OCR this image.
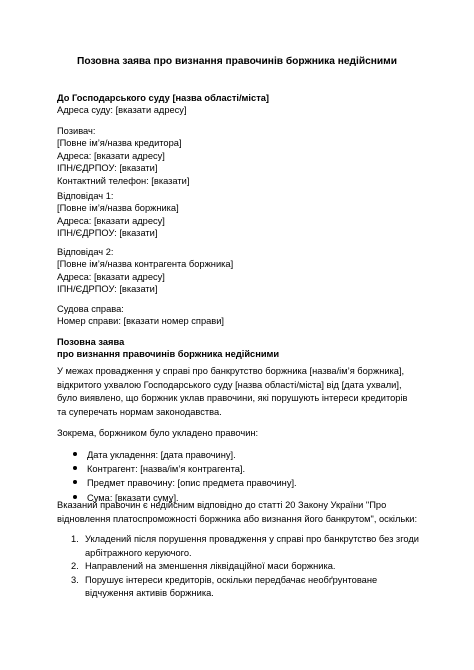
Позовна заява про визнання правочинів боржника недійсними
До Господарського суду [назва області/міста]
Адреса суду: [вказати адресу]
Позивач:
[Повне ім’я/назва кредитора]
Адреса: [вказати адресу]
ІПН/ЄДРПОУ: [вказати]
Контактний телефон: [вказати]
Відповідач 1:
[Повне ім’я/назва боржника]
Адреса: [вказати адресу]
ІПН/ЄДРПОУ: [вказати]
Відповідач 2:
[Повне ім’я/назва контрагента боржника]
Адреса: [вказати адресу]
ІПН/ЄДРПОУ: [вказати]
Судова справа:
Номер справи: [вказати номер справи]
Позовна заява
про визнання правочинів боржника недійсними
У межах провадження у справі про банкрутство боржника [назва/ім’я боржника], відкритого ухвалою Господарського суду [назва області/міста] від [дата ухвали], було виявлено, що боржник уклав правочини, які порушують інтереси кредиторів та суперечать нормам законодавства.
Зокрема, боржником було укладено правочин:
Дата укладення: [дата правочину].
Контрагент: [назва/ім’я контрагента].
Предмет правочину: [опис предмета правочину].
Сума: [вказати суму].
Вказаний правочин є недійсним відповідно до статті 20 Закону України "Про відновлення платоспроможності боржника або визнання його банкрутом", оскільки:
1. Укладений після порушення провадження у справі про банкрутство без згоди арбітражного керуючого.
2. Направлений на зменшення ліквідаційної маси боржника.
3. Порушує інтереси кредиторів, оскільки передбачає необґрунтоване відчуження активів боржника.
